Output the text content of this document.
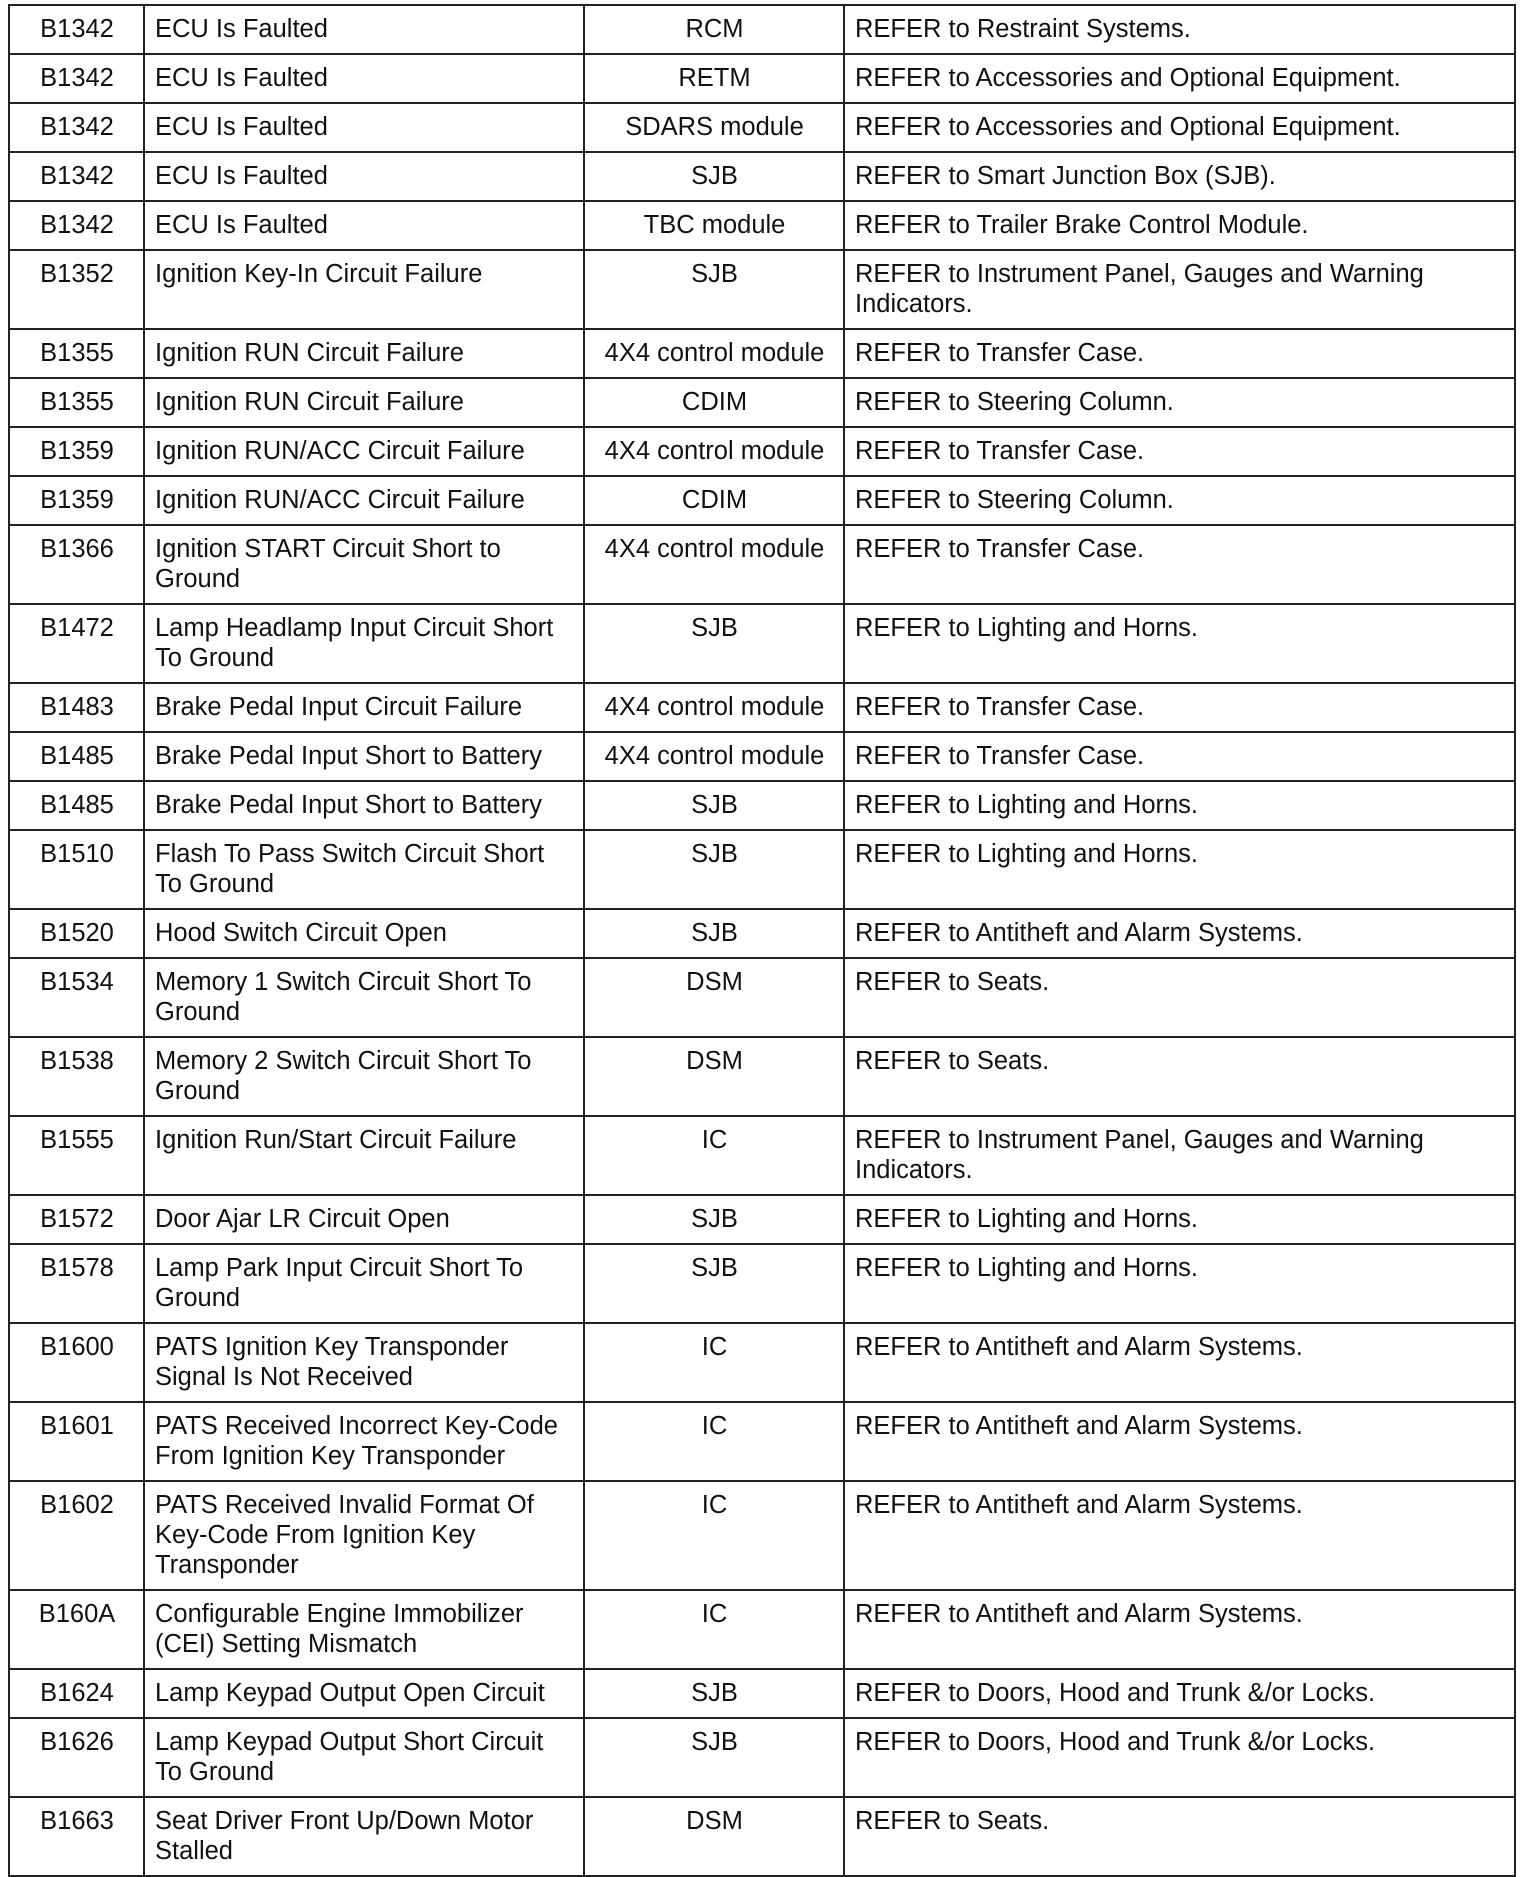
B1342	ECU Is Faulted	RCM	REFER to Restraint Systems.
B1342	ECU Is Faulted	RETM	REFER to Accessories and Optional Equipment.
B1342	ECU Is Faulted	SDARS module	REFER to Accessories and Optional Equipment.
B1342	ECU Is Faulted	SJB	REFER to Smart Junction Box (SJB).
B1342	ECU Is Faulted	TBC module	REFER to Trailer Brake Control Module.
B1352	Ignition Key-In Circuit Failure	SJB	REFER to Instrument Panel, Gauges and Warning Indicators.
B1355	Ignition RUN Circuit Failure	4X4 control module	REFER to Transfer Case.
B1355	Ignition RUN Circuit Failure	CDIM	REFER to Steering Column.
B1359	Ignition RUN/ACC Circuit Failure	4X4 control module	REFER to Transfer Case.
B1359	Ignition RUN/ACC Circuit Failure	CDIM	REFER to Steering Column.
B1366	Ignition START Circuit Short to Ground	4X4 control module	REFER to Transfer Case.
B1472	Lamp Headlamp Input Circuit Short To Ground	SJB	REFER to Lighting and Horns.
B1483	Brake Pedal Input Circuit Failure	4X4 control module	REFER to Transfer Case.
B1485	Brake Pedal Input Short to Battery	4X4 control module	REFER to Transfer Case.
B1485	Brake Pedal Input Short to Battery	SJB	REFER to Lighting and Horns.
B1510	Flash To Pass Switch Circuit Short To Ground	SJB	REFER to Lighting and Horns.
B1520	Hood Switch Circuit Open	SJB	REFER to Antitheft and Alarm Systems.
B1534	Memory 1 Switch Circuit Short To Ground	DSM	REFER to Seats.
B1538	Memory 2 Switch Circuit Short To Ground	DSM	REFER to Seats.
B1555	Ignition Run/Start Circuit Failure	IC	REFER to Instrument Panel, Gauges and Warning Indicators.
B1572	Door Ajar LR Circuit Open	SJB	REFER to Lighting and Horns.
B1578	Lamp Park Input Circuit Short To Ground	SJB	REFER to Lighting and Horns.
B1600	PATS Ignition Key Transponder Signal Is Not Received	IC	REFER to Antitheft and Alarm Systems.
B1601	PATS Received Incorrect Key-Code From Ignition Key Transponder	IC	REFER to Antitheft and Alarm Systems.
B1602	PATS Received Invalid Format Of Key-Code From Ignition Key Transponder	IC	REFER to Antitheft and Alarm Systems.
B160A	Configurable Engine Immobilizer (CEI) Setting Mismatch	IC	REFER to Antitheft and Alarm Systems.
B1624	Lamp Keypad Output Open Circuit	SJB	REFER to Doors, Hood and Trunk &/or Locks.
B1626	Lamp Keypad Output Short Circuit To Ground	SJB	REFER to Doors, Hood and Trunk &/or Locks.
B1663	Seat Driver Front Up/Down Motor Stalled	DSM	REFER to Seats.
